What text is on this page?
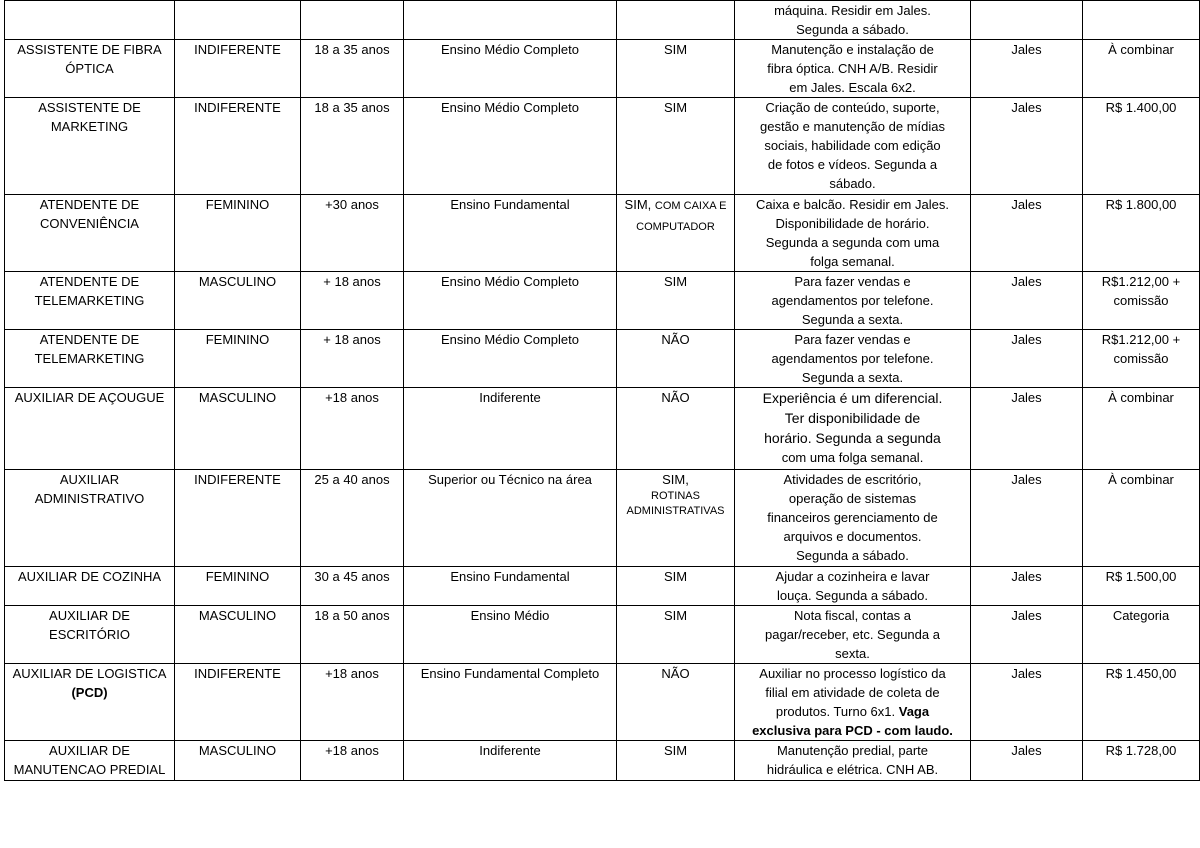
					máquina. Residir em Jales.
Segunda a sábado.		

ASSISTENTE DE FIBRA ÓPTICA	INDIFERENTE	18 a 35 anos	Ensino Médio Completo	SIM	Manutenção e instalação de
fibra óptica. CNH A/B. Residir
em Jales. Escala 6x2.	Jales	À combinar
ASSISTENTE DE MARKETING	INDIFERENTE	18 a 35 anos	Ensino Médio Completo	SIM	Criação de conteúdo, suporte,
gestão e manutenção de mídias
sociais, habilidade com edição
de fotos e vídeos. Segunda a
sábado.	Jales	R$ 1.400,00
ATENDENTE DE CONVENIÊNCIA	FEMININO	+30 anos	Ensino Fundamental	SIM, COM CAIXA E COMPUTADOR	Caixa e balcão. Residir em Jales.
Disponibilidade de horário.
Segunda a segunda com uma
folga semanal.	Jales	R$ 1.800,00
ATENDENTE DE TELEMARKETING	MASCULINO	+ 18 anos	Ensino Médio Completo	SIM	Para fazer vendas e
agendamentos por telefone.
Segunda a sexta.	Jales	R$1.212,00 + comissão
ATENDENTE DE TELEMARKETING	FEMININO	+ 18 anos	Ensino Médio Completo	NÃO	Para fazer vendas e
agendamentos por telefone.
Segunda a sexta.	Jales	R$1.212,00 + comissão
AUXILIAR DE AÇOUGUE	MASCULINO	+18 anos	Indiferente	NÃO	Experiência é um diferencial.
Ter disponibilidade de
horário. Segunda a segunda
com uma folga semanal.	Jales	À combinar
AUXILIAR ADMINISTRATIVO	INDIFERENTE	25 a 40 anos	Superior ou Técnico na área	SIM,
ROTINAS ADMINISTRATIVAS	Atividades de escritório,
operação de sistemas
financeiros gerenciamento de
arquivos e documentos.
Segunda a sábado.	Jales	À combinar
AUXILIAR DE COZINHA	FEMININO	30 a 45 anos	Ensino Fundamental	SIM	Ajudar a cozinheira e lavar
louça. Segunda a sábado.	Jales	R$ 1.500,00
AUXILIAR DE ESCRITÓRIO	MASCULINO	18 a 50 anos	Ensino Médio	SIM	Nota fiscal, contas a
pagar/receber, etc. Segunda a
sexta.	Jales	Categoria

AUXILIAR DE LOGISTICA
(PCD)	INDIFERENTE	+18 anos	Ensino Fundamental Completo	NÃO	Auxiliar no processo logístico da
filial em atividade de coleta de
produtos. Turno 6x1. Vaga
exclusiva para PCD - com laudo.	Jales	R$ 1.450,00
AUXILIAR DE MANUTENCAO PREDIAL	MASCULINO	+18 anos	Indiferente	SIM	Manutenção predial, parte
hidráulica e elétrica. CNH AB.	Jales	R$ 1.728,00
